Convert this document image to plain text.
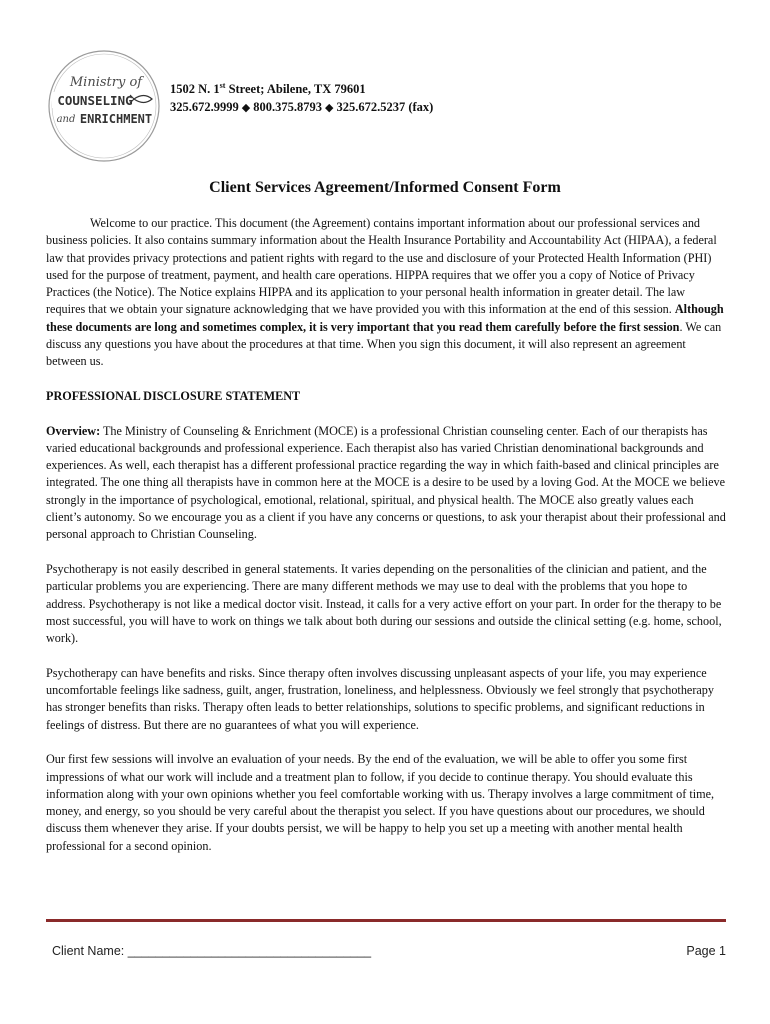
Ministry of
COUNSELING
and ENRICHMENT
1502 N. 1st Street; Abilene, TX 79601
325.672.9999 ◆ 800.375.8793 ◆ 325.672.5237 (fax)
Client Services Agreement/Informed Consent Form

Welcome to our practice. This document (the Agreement) contains important information about our professional services and business policies. It also contains summary information about the Health Insurance Portability and Accountability Act (HIPAA), a federal law that provides privacy protections and patient rights with regard to the use and disclosure of your Protected Health Information (PHI) used for the purpose of treatment, payment, and health care operations. HIPPA requires that we offer you a copy of Notice of Privacy Practices (the Notice). The Notice explains HIPPA and its application to your personal health information in greater detail. The law requires that we obtain your signature acknowledging that we have provided you with this information at the end of this session. Although these documents are long and sometimes complex, it is very important that you read them carefully before the first session. We can discuss any questions you have about the procedures at that time. When you sign this document, it will also represent an agreement between us.

PROFESSIONAL DISCLOSURE STATEMENT

Overview: The Ministry of Counseling & Enrichment (MOCE) is a professional Christian counseling center. Each of our therapists has varied educational backgrounds and professional experience. Each therapist also has varied Christian denominational backgrounds and experiences. As well, each therapist has a different professional practice regarding the way in which faith-based and clinical principles are integrated. The one thing all therapists have in common here at the MOCE is a desire to be used by a loving God. At the MOCE we believe strongly in the importance of psychological, emotional, relational, spiritual, and physical health. The MOCE also greatly values each client’s autonomy. So we encourage you as a client if you have any concerns or questions, to ask your therapist about their professional and personal approach to Christian Counseling.

Psychotherapy is not easily described in general statements. It varies depending on the personalities of the clinician and patient, and the particular problems you are experiencing. There are many different methods we may use to deal with the problems that you hope to address. Psychotherapy is not like a medical doctor visit. Instead, it calls for a very active effort on your part. In order for the therapy to be most successful, you will have to work on things we talk about both during our sessions and outside the clinical setting (e.g. home, school, work).

Psychotherapy can have benefits and risks. Since therapy often involves discussing unpleasant aspects of your life, you may experience uncomfortable feelings like sadness, guilt, anger, frustration, loneliness, and helplessness. Obviously we feel strongly that psychotherapy has stronger benefits than risks. Therapy often leads to better relationships, solutions to specific problems, and significant reductions in feelings of distress. But there are no guarantees of what you will experience.

Our first few sessions will involve an evaluation of your needs. By the end of the evaluation, we will be able to offer you some first impressions of what our work will include and a treatment plan to follow, if you decide to continue therapy. You should evaluate this information along with your own opinions whether you feel comfortable working with us. Therapy involves a large commitment of time, money, and energy, so you should be very careful about the therapist you select. If you have questions about our procedures, we should discuss them whenever they arise. If your doubts persist, we will be happy to help you set up a meeting with another mental health professional for a second opinion.

Client Name: ___________________________________	Page 1
